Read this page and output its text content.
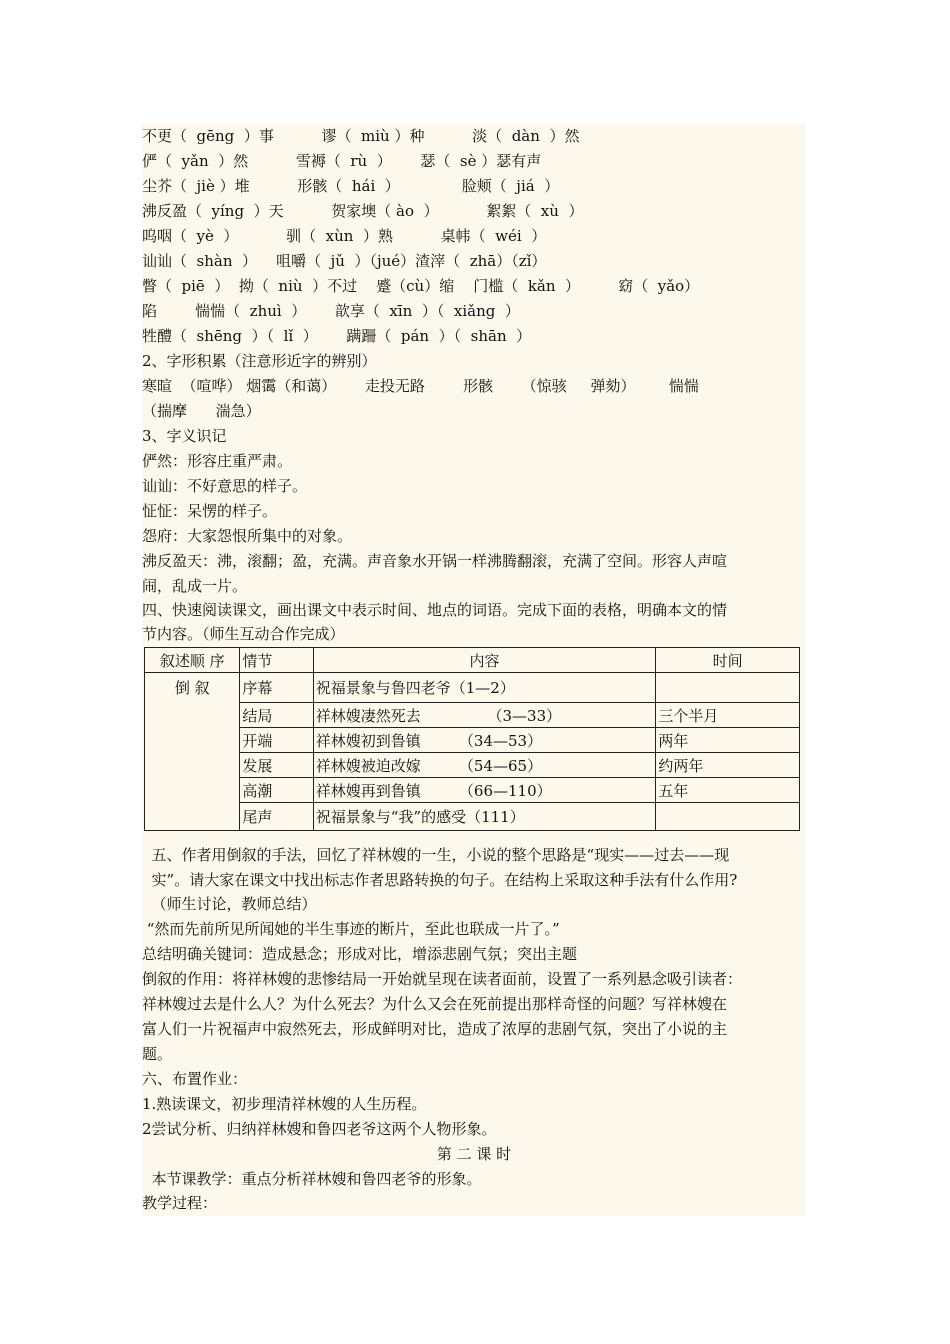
不更（  gēng  ）事          谬（  miù ）种          淡（  dàn  ）然
俨（  yǎn  ）然          雪褥（  rù  ）      瑟（  sè ）瑟有声
尘芥（  jiè ）堆          形骸（  hái  ）             脸颊（  jiá  ）
沸反盈（  yíng  ）天          贺家墺（ ào  ）          絮絮（  xù  ）
呜咽（  yè  ）          驯（  xùn  ）熟          桌帏（  wéi  ）
讪讪（  shàn  ）    咀嚼（  jǔ  ）（jué）渣滓（  zhā）（zǐ）
瞥（  piē  ）  拗（  niù  ）不过    蹙（cù）缩    门槛（  kǎn  ）        窈（  yǎo）
陷        惴惴（  zhuì  ）      歆享（  xīn  ）（  xiǎng  ）
牲醴（  shēng  ）（  lǐ  ）      蹒跚（  pán  ）（  shān  ）
2、字形积累（注意形近字的辨别）
寒暄  （喧哗） 烟霭（和蔼）      走投无路        形骸      （惊骇     弹劾）       惴惴
（揣摩      湍急）
3、字义识记
俨然：形容庄重严肃。
讪讪：不好意思的样子。
怔怔：呆愣的样子。
怨府：大家怨恨所集中的对象。
沸反盈天：沸，滚翻；盈，充满。声音象水开锅一样沸腾翻滚，充满了空间。形容人声喧
闹，乱成一片。
四、快速阅读课文，画出课文中表示时间、地点的词语。完成下面的表格，明确本文的情
节内容。（师生互动合作完成）
叙述顺 序	情节	内容	时间
倒 叙	序幕	祝福景象与鲁四老爷（1—2）	
	结局	祥林嫂凄然死去              （3—33）	三个半月
	开端	祥林嫂初到鲁镇        （34—53）	两年
	发展	祥林嫂被迫改嫁        （54—65）	约两年
	高潮	祥林嫂再到鲁镇        （66—110）	五年
	尾声	祝福景象与“我”的感受（111）	
五、作者用倒叙的手法，回忆了祥林嫂的一生，小说的整个思路是“现实——过去——现
实”。请大家在课文中找出标志作者思路转换的句子。在结构上采取这种手法有什么作用?
（师生讨论，教师总结）
“然而先前所见所闻她的半生事迹的断片，至此也联成一片了。”
总结明确关键词：造成悬念；形成对比，增添悲剧气氛；突出主题
倒叙的作用：将祥林嫂的悲惨结局一开始就呈现在读者面前，设置了一系列悬念吸引读者：
祥林嫂过去是什么人？为什么死去？为什么又会在死前提出那样奇怪的问题？写祥林嫂在
富人们一片祝福声中寂然死去，形成鲜明对比，造成了浓厚的悲剧气氛，突出了小说的主
题。
六、布置作业：
1.熟读课文，初步理清祥林嫂的人生历程。
2尝试分析、归纳祥林嫂和鲁四老爷这两个人物形象。
第 二 课 时
本节课教学：重点分析祥林嫂和鲁四老爷的形象。
教学过程：
